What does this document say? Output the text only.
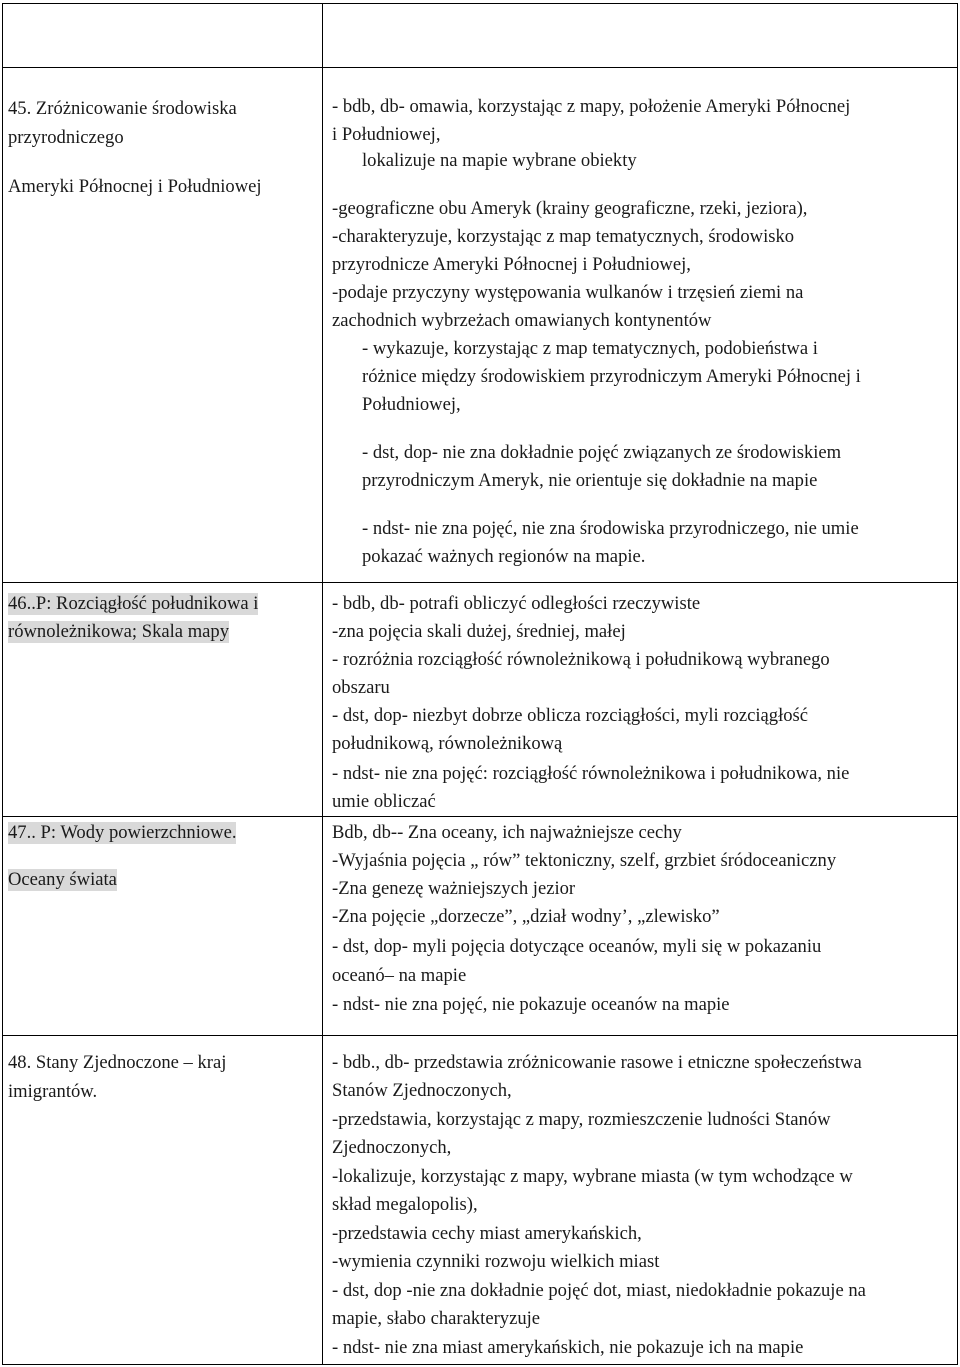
45. Zróżnicowanie środowiska
przyrodniczego
Ameryki Północnej i Południowej
- bdb, db- omawia, korzystając z mapy, położenie Ameryki Północnej
i Południowej,
lokalizuje na mapie wybrane obiekty
-geograficzne obu Ameryk (krainy geograficzne, rzeki, jeziora),
-charakteryzuje, korzystając z map tematycznych, środowisko
przyrodnicze Ameryki Północnej i Południowej,
-podaje przyczyny występowania wulkanów i trzęsień ziemi na
zachodnich wybrzeżach omawianych kontynentów
- wykazuje, korzystając z map tematycznych, podobieństwa i
różnice między środowiskiem przyrodniczym Ameryki Północnej i
Południowej,
- dst, dop- nie zna dokładnie pojęć związanych ze środowiskiem
przyrodniczym Ameryk, nie orientuje się dokładnie na mapie
- ndst- nie zna pojęć, nie zna środowiska przyrodniczego, nie umie
pokazać ważnych regionów na mapie.
46..P: Rozciągłość południkowa i
równoleżnikowa; Skala mapy
- bdb, db- potrafi obliczyć odległości rzeczywiste
-zna pojęcia skali dużej, średniej, małej
- rozróżnia rozciągłość równoleżnikową i południkową wybranego
obszaru
- dst, dop- niezbyt dobrze oblicza rozciągłości, myli rozciągłość
południkową, równoleżnikową
- ndst- nie zna pojęć: rozciągłość równoleżnikowa i południkowa, nie
umie obliczać
47.. P: Wody powierzchniowe.
Oceany świata
Bdb, db-- Zna oceany, ich najważniejsze cechy
-Wyjaśnia pojęcia „ rów” tektoniczny, szelf, grzbiet śródoceaniczny
-Zna genezę ważniejszych jezior
-Zna pojęcie „dorzecze”, „dział wodny’, „zlewisko”
- dst, dop- myli pojęcia dotyczące oceanów, myli się w pokazaniu
oceanó– na mapie
- ndst- nie zna pojęć, nie pokazuje oceanów na mapie
48. Stany Zjednoczone – kraj
imigrantów.
- bdb., db- przedstawia zróżnicowanie rasowe i etniczne społeczeństwa
Stanów Zjednoczonych,
-przedstawia, korzystając z mapy, rozmieszczenie ludności Stanów
Zjednoczonych,
-lokalizuje, korzystając z mapy, wybrane miasta (w tym wchodzące w
skład megalopolis),
-przedstawia cechy miast amerykańskich,
-wymienia czynniki rozwoju wielkich miast
- dst, dop -nie zna dokładnie pojęć dot, miast, niedokładnie pokazuje na
mapie, słabo charakteryzuje
- ndst- nie zna miast amerykańskich, nie pokazuje ich na mapie
